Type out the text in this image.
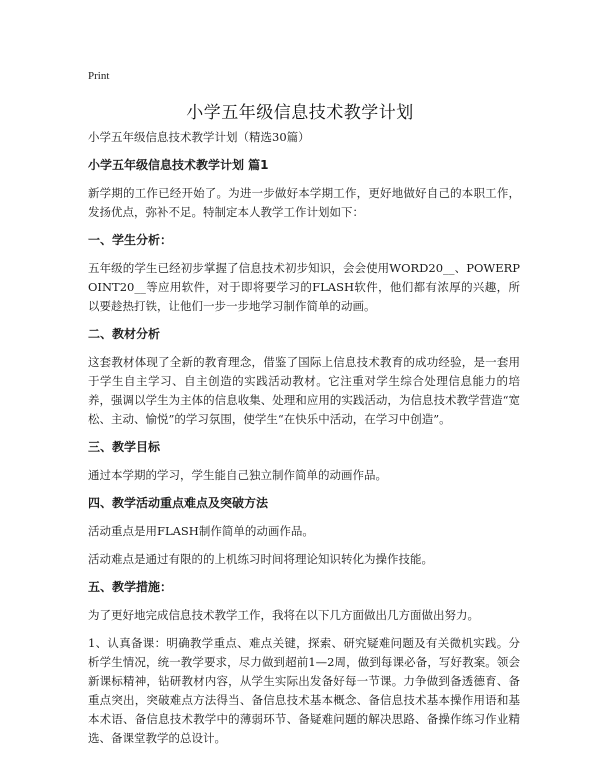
Print
小学五年级信息技术教学计划
小学五年级信息技术教学计划（精选30篇）
小学五年级信息技术教学计划 篇1
新学期的工作已经开始了。为进一步做好本学期工作，更好地做好自己的本职工作，发扬优点，弥补不足。特制定本人教学工作计划如下：
一、学生分析：
五年级的学生已经初步掌握了信息技术初步知识，会会使用WORD20__、POWERPOINT20__等应用软件，对于即将要学习的FLASH软件，他们都有浓厚的兴趣，所以要趁热打铁，让他们一步一步地学习制作简单的动画。
二、教材分析
这套教材体现了全新的教育理念，借鉴了国际上信息技术教育的成功经验，是一套用于学生自主学习、自主创造的实践活动教材。它注重对学生综合处理信息能力的培养，强调以学生为主体的信息收集、处理和应用的实践活动，为信息技术教学营造“宽松、主动、愉悦”的学习氛围，使学生“在快乐中活动，在学习中创造”。
三、教学目标
通过本学期的学习，学生能自己独立制作简单的动画作品。
四、教学活动重点难点及突破方法
活动重点是用FLASH制作简单的动画作品。
活动难点是通过有限的的上机练习时间将理论知识转化为操作技能。
五、教学措施：
为了更好地完成信息技术教学工作，我将在以下几方面做出几方面做出努力。
1、认真备课：明确教学重点、难点关键，探索、研究疑难问题及有关微机实践。分析学生情况，统一教学要求，尽力做到超前1—2周，做到每课必备，写好教案。领会新课标精神，钻研教材内容，从学生实际出发备好每一节课。力争做到备透德育、备重点突出，突破难点方法得当、备信息技术基本概念、备信息技术基本操作用语和基本术语、备信息技术教学中的薄弱环节、备疑难问题的解决思路、备操作练习作业精选、备课堂教学的总设计。
